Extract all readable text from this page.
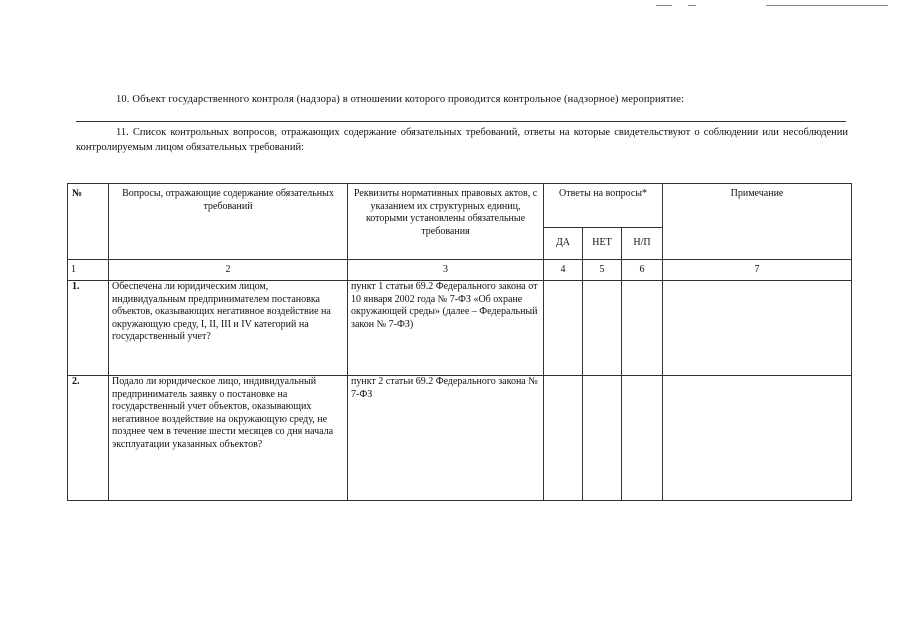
10. Объект государственного контроля (надзора) в отношении которого проводится контрольное (надзорное) мероприятие:
11. Список контрольных вопросов, отражающих содержание обязательных требований, ответы на которые свидетельствуют о соблюдении или несоблюдении контролируемым лицом обязательных требований:
№	Вопросы, отражающие содержание обязательных требований	Реквизиты нормативных правовых актов, с указанием их структурных единиц, которыми установлены обязательные требования	Ответы на вопросы*			Примечание
			ДА	НЕТ	Н/П	
1	2	3	4	5	6	7
1.	Обеспечена ли юридическим лицом, индивидуальным предпринимателем постановка объектов, оказывающих негативное воздействие на окружающую среду, I, II, III и IV категорий на государственный учет?	пункт 1 статьи 69.2 Федерального закона от 10 января 2002 года № 7-ФЗ «Об охране окружающей среды» (далее – Федеральный закон № 7-ФЗ)				
2.	Подало ли юридическое лицо, индивидуальный предприниматель заявку о постановке на государственный учет объектов, оказывающих негативное воздействие на окружающую среду, не позднее чем в течение шести месяцев со дня начала эксплуатации указанных объектов?	пункт 2 статьи 69.2 Федерального закона № 7-ФЗ				
